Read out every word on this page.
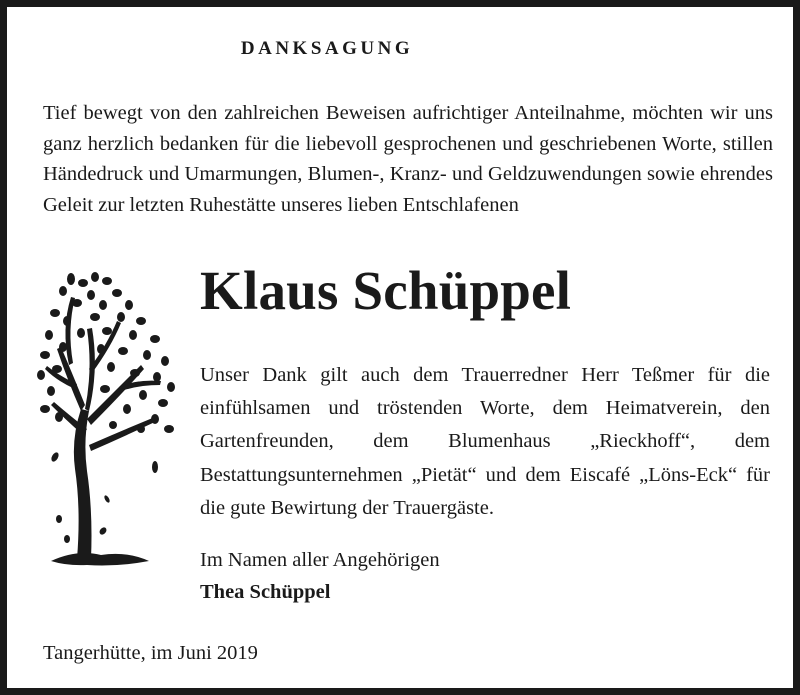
DANKSAGUNG

Tief bewegt von den zahlreichen Beweisen aufrichtiger Anteilnahme, möchten wir uns ganz herzlich bedanken für die liebevoll gesprochenen und geschriebenen Worte, stillen Händedruck und Umarmungen, Blumen-, Kranz- und Geldzuwendungen sowie ehrendes Geleit zur letzten Ruhestätte unseres lieben Entschlafenen

Klaus Schüppel

Unser Dank gilt auch dem Trauerredner Herr Teßmer für die einfühlsamen und tröstenden Worte, dem Heimatverein, den Gartenfreunden, dem Blumenhaus „Rieckhoff“, dem Bestattungsunternehmen „Pietät“ und dem Eiscafé „Löns-Eck“ für die gute Bewirtung der Trauergäste.

Im Namen aller Angehörigen
Thea Schüppel
Tangerhütte, im Juni 2019
